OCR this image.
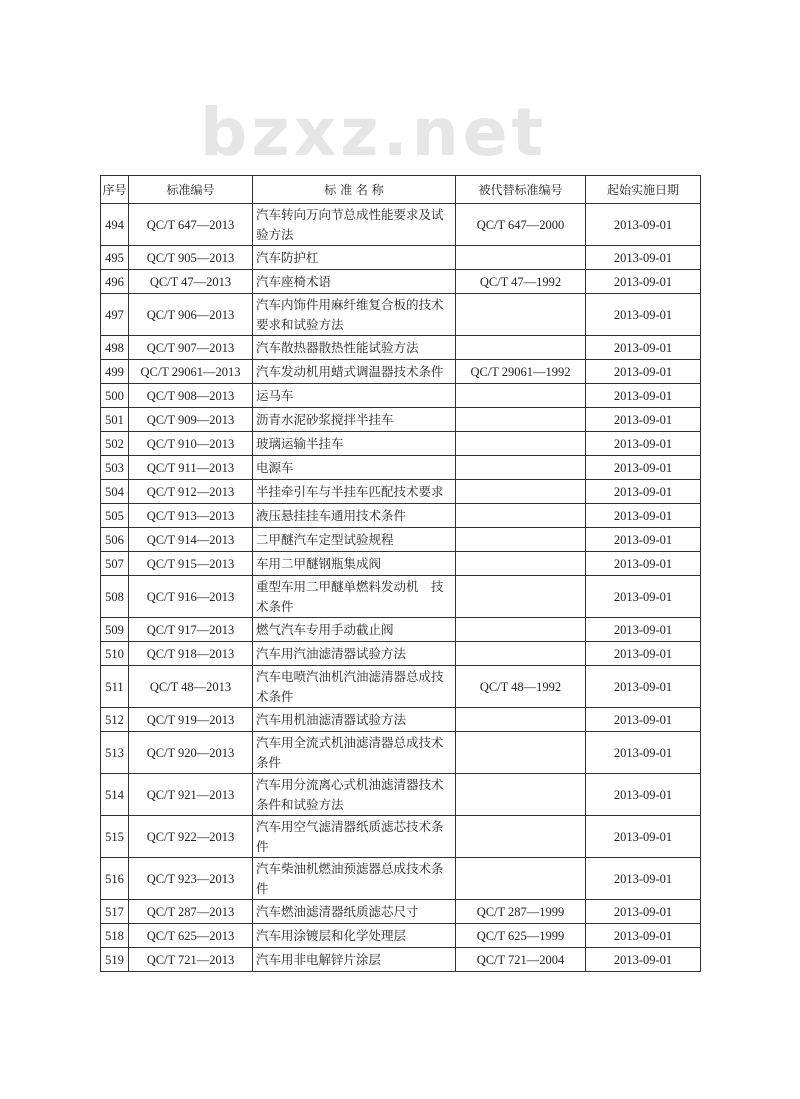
bzxz.net
序号	标准编号	标 准 名 称	被代替标准编号	起始实施日期
494	QC/T 647—2013	汽车转向万向节总成性能要求及试验方法	QC/T 647—2000	2013-09-01
495	QC/T 905—2013	汽车防护杠		2013-09-01
496	QC/T 47—2013	汽车座椅术语	QC/T 47—1992	2013-09-01
497	QC/T 906—2013	汽车内饰件用麻纤维复合板的技术要求和试验方法		2013-09-01
498	QC/T 907—2013	汽车散热器散热性能试验方法		2013-09-01
499	QC/T 29061—2013	汽车发动机用蜡式调温器技术条件	QC/T 29061—1992	2013-09-01
500	QC/T 908—2013	运马车		2013-09-01
501	QC/T 909—2013	沥青水泥砂浆搅拌半挂车		2013-09-01
502	QC/T 910—2013	玻璃运输半挂车		2013-09-01
503	QC/T 911—2013	电源车		2013-09-01
504	QC/T 912—2013	半挂牵引车与半挂车匹配技术要求		2013-09-01
505	QC/T 913—2013	液压悬挂挂车通用技术条件		2013-09-01
506	QC/T 914—2013	二甲醚汽车定型试验规程		2013-09-01
507	QC/T 915—2013	车用二甲醚钢瓶集成阀		2013-09-01
508	QC/T 916—2013	重型车用二甲醚单燃料发动机　技术条件		2013-09-01
509	QC/T 917—2013	燃气汽车专用手动截止阀		2013-09-01
510	QC/T 918—2013	汽车用汽油滤清器试验方法		2013-09-01
511	QC/T 48—2013	汽车电喷汽油机汽油滤清器总成技术条件	QC/T 48—1992	2013-09-01
512	QC/T 919—2013	汽车用机油滤清器试验方法		2013-09-01
513	QC/T 920—2013	汽车用全流式机油滤清器总成技术条件		2013-09-01
514	QC/T 921—2013	汽车用分流离心式机油滤清器技术条件和试验方法		2013-09-01
515	QC/T 922—2013	汽车用空气滤清器纸质滤芯技术条件		2013-09-01
516	QC/T 923—2013	汽车柴油机燃油预滤器总成技术条件		2013-09-01
517	QC/T 287—2013	汽车燃油滤清器纸质滤芯尺寸	QC/T 287—1999	2013-09-01
518	QC/T 625—2013	汽车用涂镀层和化学处理层	QC/T 625—1999	2013-09-01
519	QC/T 721—2013	汽车用非电解锌片涂层	QC/T 721—2004	2013-09-01
